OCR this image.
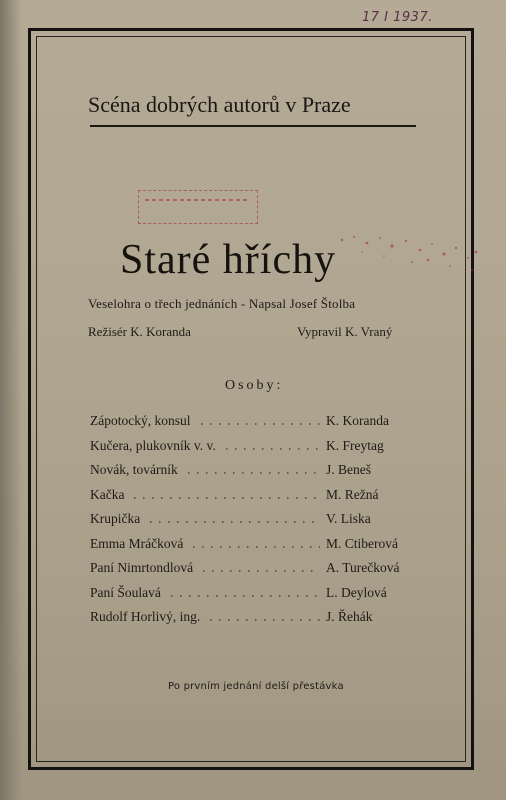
17 I 1937.
Scéna dobrých autorů v Praze
Staré hříchy
Veselohra o třech jednáních - Napsal Josef Štolba
Režisér K. Koranda	Vypravil K. Vraný
Osoby:
Zápotocký, konsul	K. Koranda
Kučera, plukovník v. v.	K. Freytag
Novák, továrník	J. Beneš
Kačka	M. Režná
Krupička	V. Liska
Emma Mráčková	M. Ctiberová
Paní Nimrtondlová	A. Turečková
Paní Šoulavá	L. Deylová
Rudolf Horlivý, ing.	J. Řehák
Po prvním jednání delší přestávka
